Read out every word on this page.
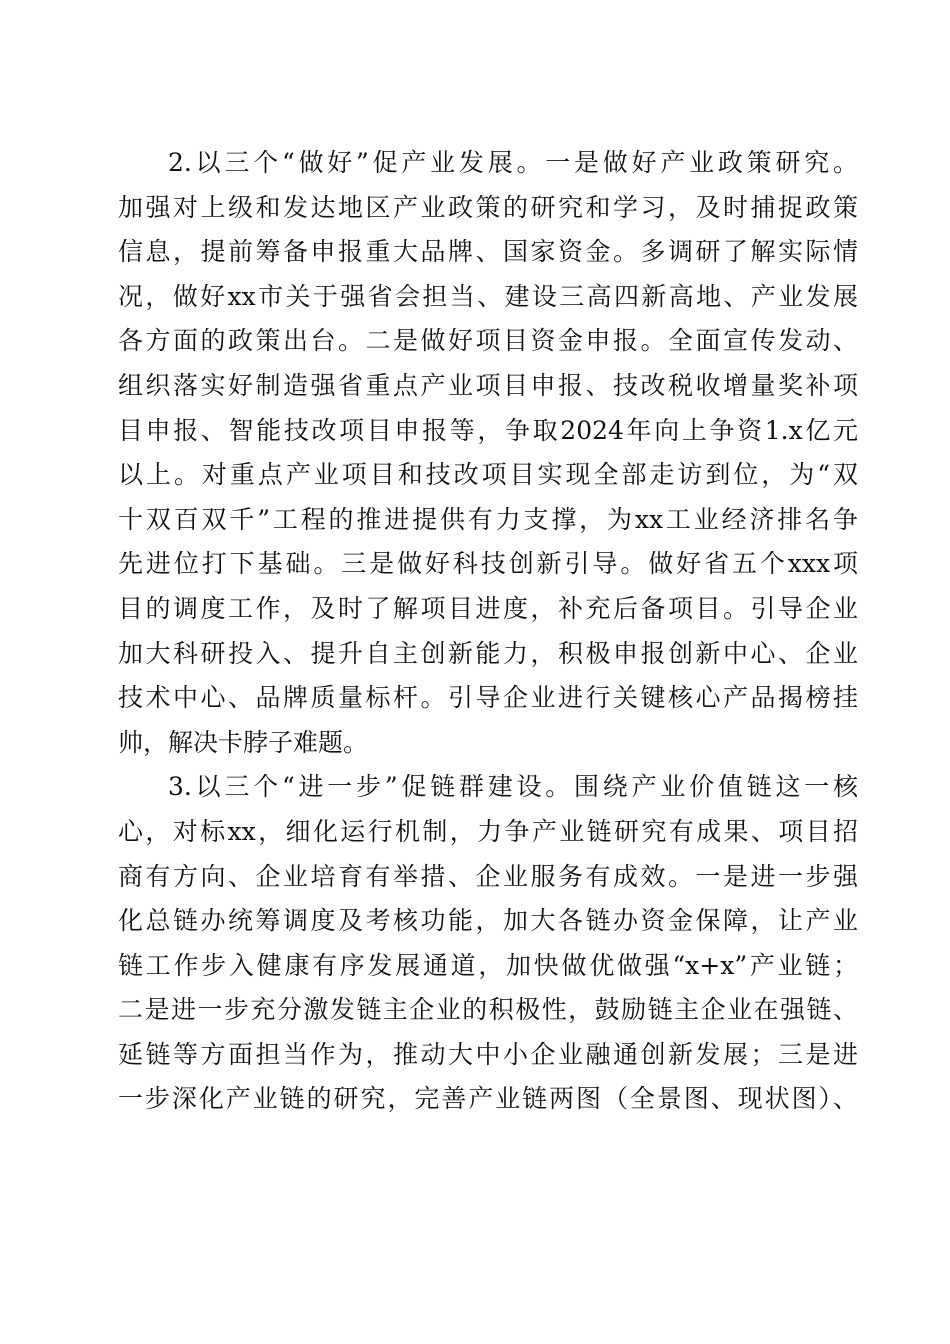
2.以三个“做好”促产业发展。一是做好产业政策研究。
加强对上级和发达地区产业政策的研究和学习，及时捕捉政策
信息，提前筹备申报重大品牌、国家资金。多调研了解实际情
况，做好xx市关于强省会担当、建设三高四新高地、产业发展
各方面的政策出台。二是做好项目资金申报。全面宣传发动、
组织落实好制造强省重点产业项目申报、技改税收增量奖补项
目申报、智能技改项目申报等，争取2024年向上争资1.x亿元
以上。对重点产业项目和技改项目实现全部走访到位，为“双
十双百双千”工程的推进提供有力支撑，为xx工业经济排名争
先进位打下基础。三是做好科技创新引导。做好省五个xxx项
目的调度工作，及时了解项目进度，补充后备项目。引导企业
加大科研投入、提升自主创新能力，积极申报创新中心、企业
技术中心、品牌质量标杆。引导企业进行关键核心产品揭榜挂
帅，解决卡脖子难题。
3.以三个“进一步”促链群建设。围绕产业价值链这一核
心，对标xx，细化运行机制，力争产业链研究有成果、项目招
商有方向、企业培育有举措、企业服务有成效。一是进一步强
化总链办统筹调度及考核功能，加大各链办资金保障，让产业
链工作步入健康有序发展通道，加快做优做强“x+x”产业链；
二是进一步充分激发链主企业的积极性，鼓励链主企业在强链、
延链等方面担当作为，推动大中小企业融通创新发展；三是进
一步深化产业链的研究，完善产业链两图（全景图、现状图）、
